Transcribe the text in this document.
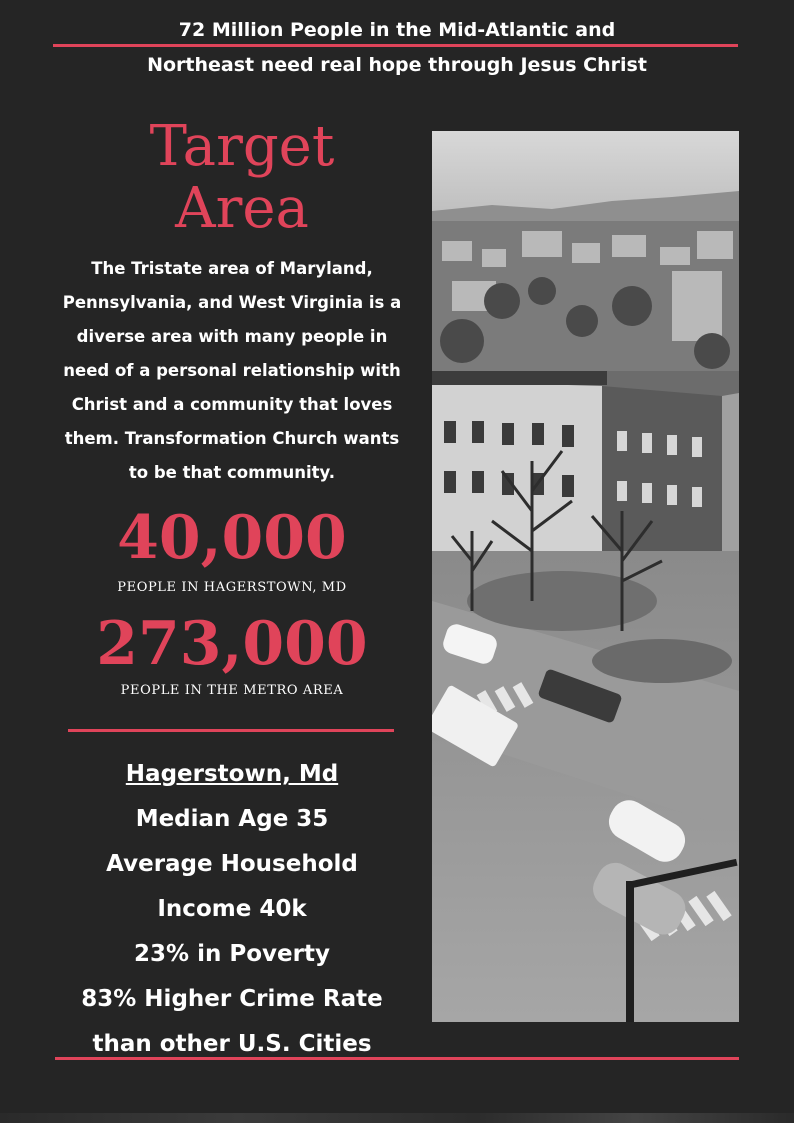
72 Million People in the Mid-Atlantic and
Northeast need real hope through Jesus Christ
Target
Area
The Tristate area of Maryland,
Pennsylvania, and West Virginia is a
diverse area with many people in
need of a personal relationship with
Christ and a community that loves
them. Transformation Church wants
to be that community.
40,000
PEOPLE IN HAGERSTOWN, MD
273,000
PEOPLE IN THE METRO AREA
Hagerstown, Md
Median Age 35
Average Household
Income 40k
23% in Poverty
83% Higher Crime Rate
than other U.S. Cities
